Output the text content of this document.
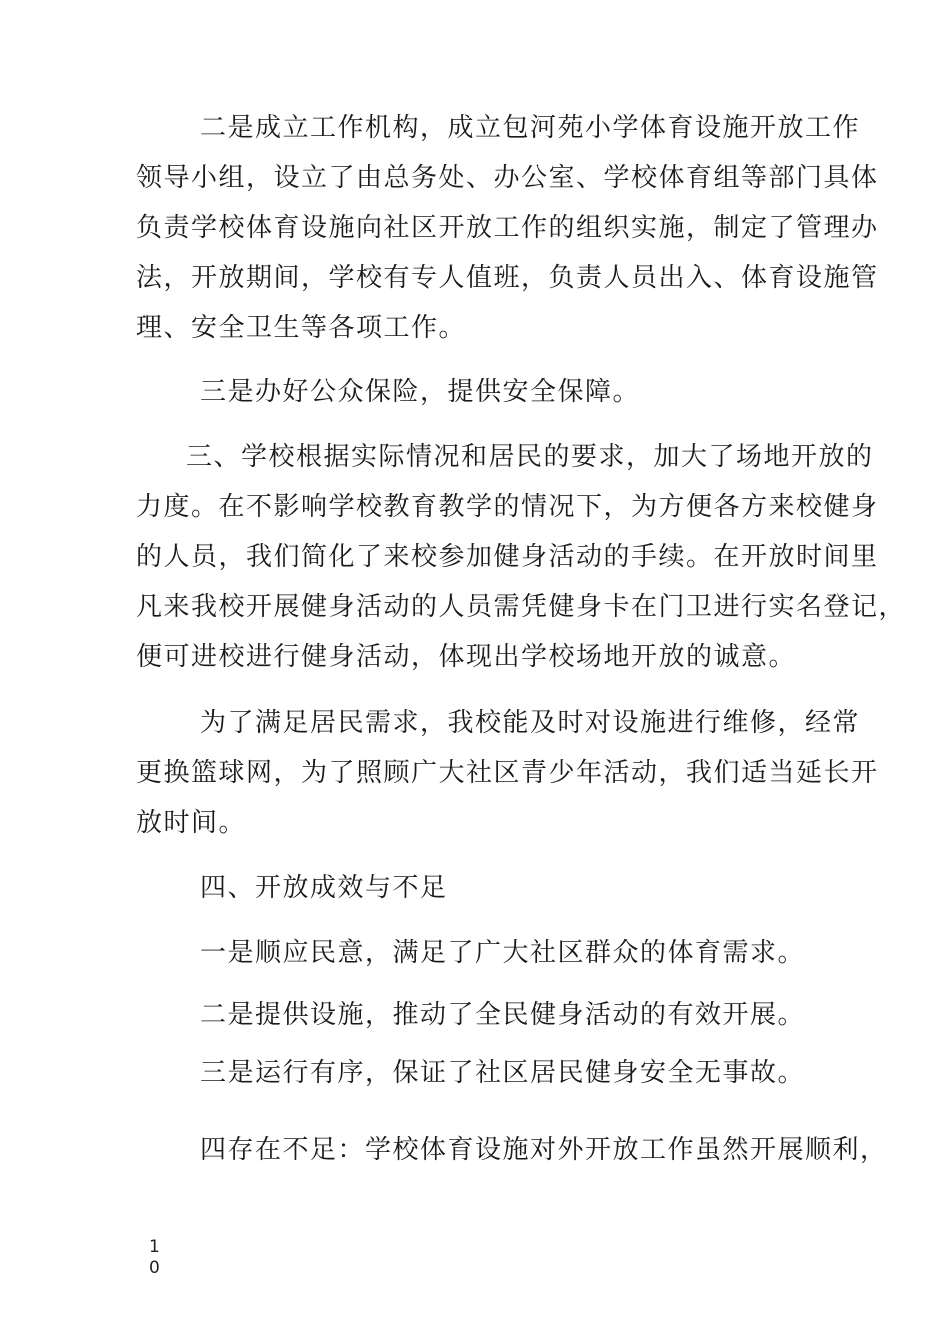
二是成立工作机构，成立包河苑小学体育设施开放工作
领导小组，设立了由总务处、办公室、学校体育组等部门具体
负责学校体育设施向社区开放工作的组织实施，制定了管理办
法，开放期间，学校有专人值班，负责人员出入、体育设施管
理、安全卫生等各项工作。
三是办好公众保险，提供安全保障。
三、学校根据实际情况和居民的要求，加大了场地开放的
力度。在不影响学校教育教学的情况下，为方便各方来校健身
的人员，我们简化了来校参加健身活动的手续。在开放时间里
凡来我校开展健身活动的人员需凭健身卡在门卫进行实名登记，
便可进校进行健身活动，体现出学校场地开放的诚意。
为了满足居民需求，我校能及时对设施进行维修，经常
更换篮球网，为了照顾广大社区青少年活动，我们适当延长开
放时间。
四、开放成效与不足
一是顺应民意，满足了广大社区群众的体育需求。
二是提供设施，推动了全民健身活动的有效开展。
三是运行有序，保证了社区居民健身安全无事故。
四存在不足：学校体育设施对外开放工作虽然开展顺利，
1
0
